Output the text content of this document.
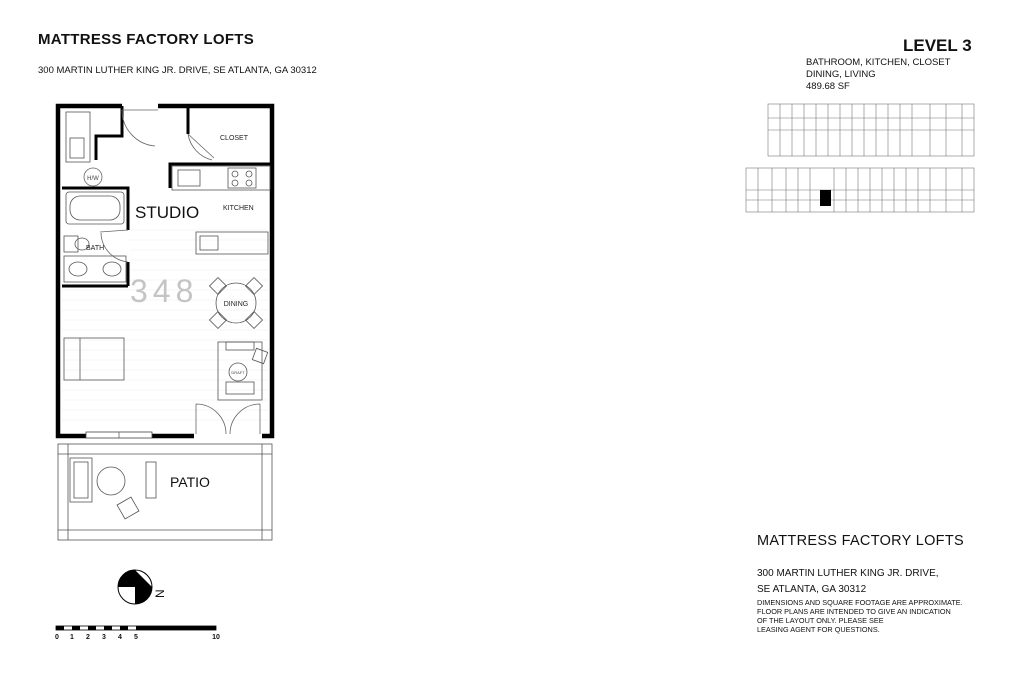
MATTRESS FACTORY LOFTS
300 MARTIN LUTHER KING JR. DRIVE, SE ATLANTA, GA 30312
LEVEL 3
BATHROOM, KITCHEN, CLOSET
DINING, LIVING
489.68 SF
MATTRESS FACTORY LOFTS
300 MARTIN LUTHER KING JR. DRIVE,
SE ATLANTA, GA 30312
DIMENSIONS AND SQUARE FOOTAGE ARE APPROXIMATE.
FLOOR PLANS ARE INTENDED TO GIVE AN INDICATION
OF THE LAYOUT ONLY. PLEASE SEE
LEASING AGENT FOR QUESTIONS.
H/W
DRAFT
STUDIO	KITCHEN
CLOSET
BATH
DINING
PATIO
348
N
0 1 2 3 4 5	10
